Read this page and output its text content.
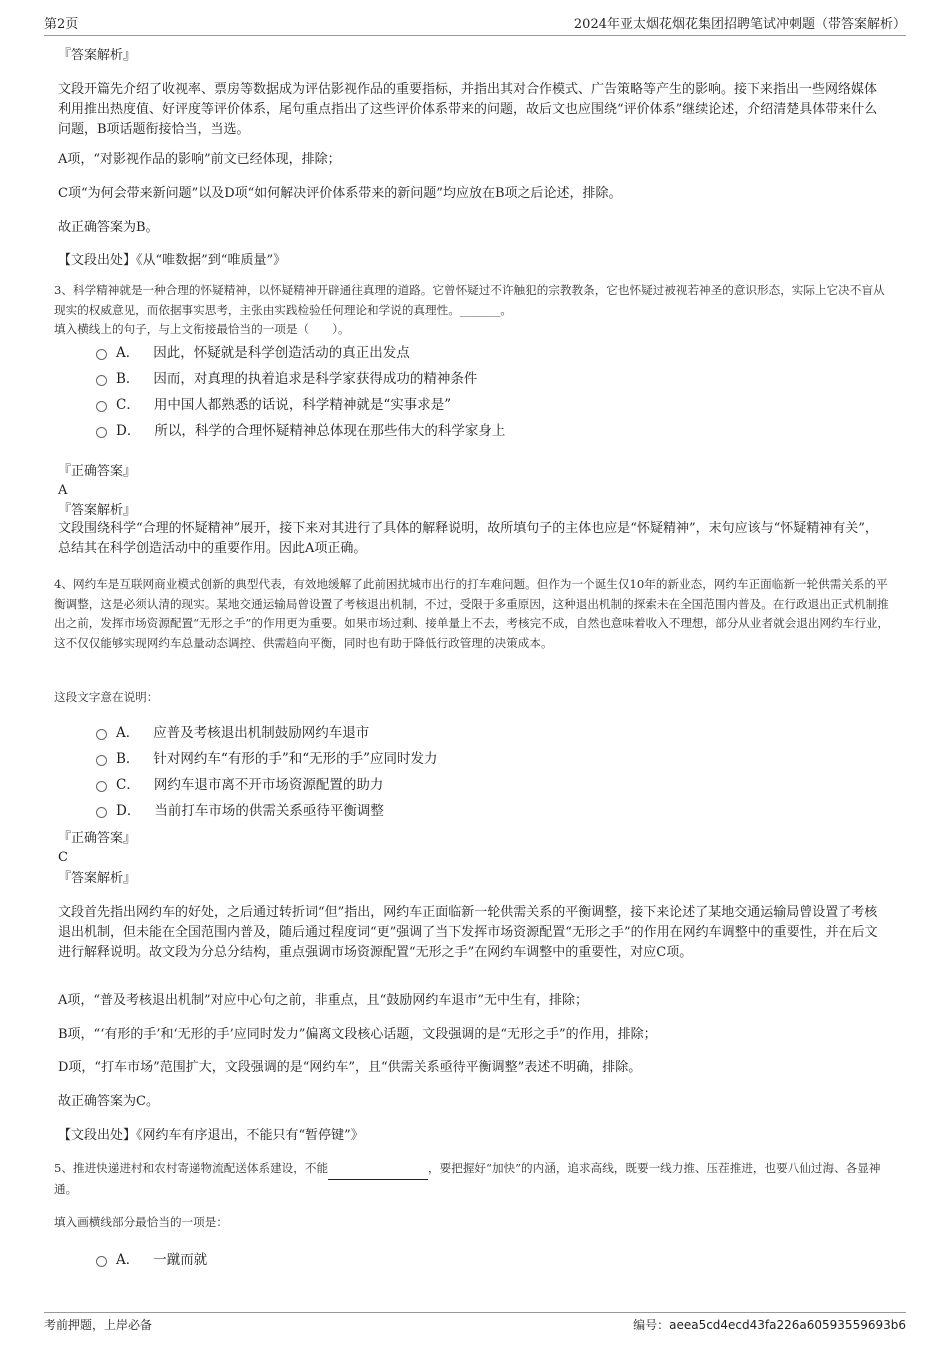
第2页	2024年亚太烟花烟花集团招聘笔试冲刺题（带答案解析）

『答案解析』

文段开篇先介绍了收视率、票房等数据成为评估影视作品的重要指标，并指出其对合作模式、广告策略等产生的影响。接下来指出一些网络媒体利用推出热度值、好评度等评价体系，尾句重点指出了这些评价体系带来的问题，故后文也应围绕“评价体系”继续论述，介绍清楚具体带来什么问题，B项话题衔接恰当，当选。

A项，“对影视作品的影响”前文已经体现，排除；

C项“为何会带来新问题”以及D项“如何解决评价体系带来的新问题”均应放在B项之后论述，排除。

故正确答案为B。

【文段出处】《从“唯数据”到“唯质量”》

3、科学精神就是一种合理的怀疑精神，以怀疑精神开辟通往真理的道路。它曾怀疑过不许触犯的宗教教条，它也怀疑过被视若神圣的意识形态，实际上它决不盲从现实的权威意见，而依据事实思考，主张由实践检验任何理论和学说的真理性。_______。

填入横线上的句子，与上文衔接最恰当的一项是（　　）。

A． 因此，怀疑就是科学创造活动的真正出发点
B． 因而，对真理的执着追求是科学家获得成功的精神条件
C． 用中国人都熟悉的话说，科学精神就是“实事求是”
D． 所以，科学的合理怀疑精神总体现在那些伟大的科学家身上

『正确答案』

A

『答案解析』

文段围绕科学“合理的怀疑精神”展开，接下来对其进行了具体的解释说明，故所填句子的主体也应是“怀疑精神”，末句应该与“怀疑精神有关”，总结其在科学创造活动中的重要作用。因此A项正确。

4、网约车是互联网商业模式创新的典型代表，有效地缓解了此前困扰城市出行的打车难问题。但作为一个诞生仅10年的新业态，网约车正面临新一轮供需关系的平衡调整，这是必须认清的现实。某地交通运输局曾设置了考核退出机制，不过，受限于多重原因，这种退出机制的探索未在全国范围内普及。在行政退出正式机制推出之前，发挥市场资源配置“无形之手”的作用更为重要。如果市场过剩、接单量上不去，考核完不成，自然也意味着收入不理想，部分从业者就会退出网约车行业，这不仅仅能够实现网约车总量动态调控、供需趋向平衡，同时也有助于降低行政管理的决策成本。

这段文字意在说明：

A． 应普及考核退出机制鼓励网约车退市
B． 针对网约车“有形的手”和“无形的手”应同时发力
C． 网约车退市离不开市场资源配置的助力
D． 当前打车市场的供需关系亟待平衡调整

『正确答案』

C

『答案解析』

文段首先指出网约车的好处，之后通过转折词“但”指出，网约车正面临新一轮供需关系的平衡调整，接下来论述了某地交通运输局曾设置了考核退出机制，但未能在全国范围内普及，随后通过程度词“更”强调了当下发挥市场资源配置“无形之手”的作用在网约车调整中的重要性，并在后文进行解释说明。故文段为分总分结构，重点强调市场资源配置“无形之手”在网约车调整中的重要性，对应C项。

A项，“普及考核退出机制”对应中心句之前，非重点，且“鼓励网约车退市”无中生有，排除；

B项，“‘有形的手’和‘无形的手’应同时发力”偏离文段核心话题，文段强调的是“无形之手”的作用，排除；

D项，“打车市场”范围扩大，文段强调的是“网约车”，且“供需关系亟待平衡调整”表述不明确，排除。

故正确答案为C。

【文段出处】《网约车有序退出，不能只有“暂停键”》

5、推进快递进村和农村寄递物流配送体系建设，不能	，要把握好“加快”的内涵，追求高线，既要一线力推、压茬推进，也要八仙过海、各显神通。

填入画横线部分最恰当的一项是：

A． 一蹴而就
考前押题，上岸必备	编号：aeea5cd4ecd43fa226a60593559693b6
